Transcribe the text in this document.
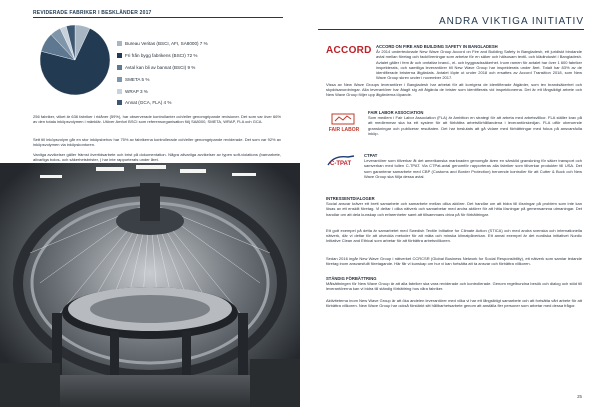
REVIDERADE FABRIKER I BESKLÄNDER 2017
Bureau Veritas (BSCI, AFI, SA8000) 7 %
Fri från bygg fabrikens (BSCI) 72 %
Avtal kan bli av bannat (BSCI) 9 %
SMETA 5 %
WRAP 3 %
Annat (GCA, FLA) 4 %
256 fabriker, vilket är 636 fabriker i ridåner (59%), har observerade kontrollanter och/eller genomgripande revisioner. Det som var över 66% av den totala inköpsvolymen i mänklär. Utöver Amfori BSCI som referensorganisation följ SA8000, SMETA, WRAP, FLA och GCA.
Sett till inköpsvolym går en stor inköpsbehov har 75% av fabrikerna kontrollerade och/eller genomgripande reviderade. Det som var 92% av inköpsvolymen via inköpskontoren.
Vanliga avvikelser gäller främst övertidsarbete och brist på dokumentation. Några allvarliga avvikelser av typen soft-violations (barnarbete, allvarliga bolos- och säkerhetsbrister, ) har inte rapporterats under året.
ANDRA VIKTIGA INITIATIV
ACCORD ACCORD ON FIRE AND BUILDING SAFETY IN BANGLADESH
År 2014 undertecknade New Wave Group Accord on Fire and Building Safety in Bangladesh, ett juridiskt bindande avtal mellan företag och fackföreningar som arbetar för en säker och hälsosam textil- och klädindustri i Bangladesh. Avtalet gäller i fem år och omfattar brand-, el- och byggnadssäkerhet. Inom ramen för avtalet har över 1 600 fabriker inspekterats, och samtliga leverantörer till New Wave Group har inspekterats under året. Totalt har 83% av de identifierade bristerna åtgärdats. Avtalet löpte ut under 2018 och ersattes av Accord Transition 2018, som New Wave Group skrev under i november 2017.
Vissa av New Wave Groups leverantörer i Bangladesh har arbetat för att korrigera de identifierade åtgärder, som tex brandsäkerhet och skyddsanordningar. Alla leverantörer har åtagit sig att åtgärda de brister som identifierats vid inspektionerna. Det är ett långsiktigt arbete och New Wave Group följer upp åtgärderna löpande.
FAIR LABOR
FAIR LABOR ASSOCIATION
Som medlem i Fair Labor Association (FLA) är Ambition en strategi för att arbeta med arbetsvillkor. FLA ställer krav på att medlemmar ska ha ett system för att förbättra arbetsförhållandena i leverantörskedjan. FLA utför oberoende granskningar och publicerar resultaten. Det har beslutats att gå vidare med förbättringar med fokus på ansvarsfulla inköp.
C-TPAT
CTPAT
Leverantörer som tillverkar åt det amerikanska marknaden genomgår även en särskild granskning för säker transport och samverkan med tullen C-TPAT. Via CTPat-avtal genomför rapporteras alla fabriker som tillverkar produkter till USA. Det som garanterar samarbete med CBP (Customs and Border Protection) beroende kontroller för att Cutter & Buck och New Wave Group ska följa dessa avtal.
INTRESSENTDIALOGER
Social ansvar kräver ett brett samarbete och samarbete mellan olika aktörer. Det handlar om att bidra till lösningar på problem som inte kan lösas av ett enskilt företag. Vi deltar i olika nätverk och samarbetar med andra aktörer för att hitta lösningar på gemensamma utmaningar. Det handlar om att dela kunskap och erfarenheter samt att tillsammans driva på för förbättringar.
Ett gott exempel på detta är samarbetet med Swedish Textile Initiative for Climate Action (STICA) och med andra svenska och internationella nätverk, där vi deltar för att utveckla metoder för att mäta och minska klimatpåverkan. Ett annat exempel är det nordiska initiativet Nordic Initiative Clean and Ethical som arbetar för att förbättra arbetsvillkoren.
Sedan 2016 ingår New Wave Group i nätverket CCRCSR (Global Business Network for Social Responsibility), ett nätverk som samlar ledande företag inom ansvarsfullt företagande. Här får vi kunskap om hur vi kan fortsätta att ta ansvar och förbättra villkoren.
STÄNDIG FÖRBÄTTRING
Målsättningen för New Wave Group är att alla fabriker ska vara reviderade och kontrollerade. Genom regelbundna besök och dialog och stöd till leverantörerna kan vi bidra till ständig förbättring hos våra fabriker.
Aktiviteterna inom New Wave Group är att öka andelen leverantörer med vilka vi har ett långsiktigt samarbete och att fortsätta vårt arbete för att förbättra villkoren. New Wave Group har också förstärkt sitt hållbarhetsarbete genom att anställa fler personer som arbetar med dessa frågor.
25
